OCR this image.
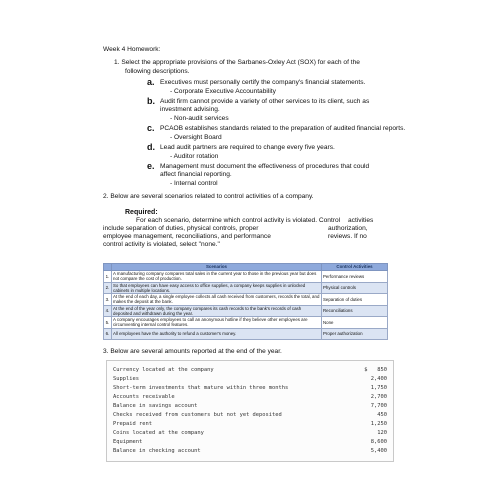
Week 4 Homework:
1. Select the appropriate provisions of the Sarbanes-Oxley Act (SOX) for each of the
following descriptions.
a. Executives must personally certify the company's financial statements.
- Corporate Executive Accountability
b. Audit firm cannot provide a variety of other services to its client, such as
investment advising.
- Non-audit services
c. PCAOB establishes standards related to the preparation of audited financial reports.
- Oversight Board
d. Lead audit partners are required to change every five years.
- Auditor rotation
e. Management must document the effectiveness of procedures that could
affect financial reporting.
- Internal control
2. Below are several scenarios related to control activities of a company.
Required:
For each scenario, determine which control activity is violated. Control activities
include separation of duties, physical controls, proper	authorization,
employee management, reconciliations, and performance	reviews. If no
control activity is violated, select "none."
	Scenarios	Control Activities
1.	A manufacturing company compares total sales in the current year to those in the previous year but does not compare the cost of production.	Performance reviews
2.	So that employees can have easy access to office supplies, a company keeps supplies in unlocked cabinets in multiple locations.	Physical controls
3.	At the end of each day, a single employee collects all cash received from customers, records the total, and makes the deposit at the bank.	Separation of duties
4.	At the end of the year only, the company compares its cash records to the bank's records of cash deposited and withdrawn during the year.	Reconciliations
5.	A company encourages employees to call an anonymous hotline if they believe other employees are circumventing internal control features.	None
6.	All employees have the authority to refund a customer's money.	Proper authorization
3. Below are several amounts reported at the end of the year.
Currency located at the company	$   850
Supplies	2,400
Short-term investments that mature within three months	1,750
Accounts receivable	2,700
Balance in savings account	7,700
Checks received from customers but not yet deposited	450
Prepaid rent	1,250
Coins located at the company	120
Equipment	8,600
Balance in checking account	5,400
